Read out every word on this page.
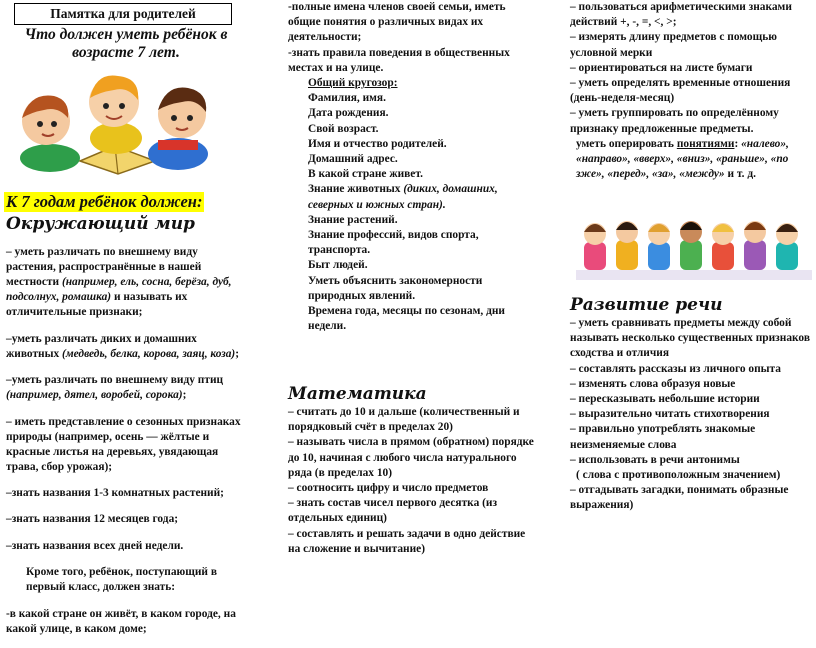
Памятка для родителей
Что должен уметь ребёнок в
возрасте 7 лет.
К 7 годам ребёнок должен:
Окружающий мир

– уметь различать по внешнему виду растения, распространённые в нашей местности (например, ель, сосна, берёза, дуб, подсолнух, ромашка) и называть их отличительные признаки;

–уметь различать диких и домашних животных (медведь, белка, корова, заяц, коза);

–уметь различать по внешнему виду птиц (например, дятел, воробей, сорока);

– иметь представление о сезонных признаках природы (например, осень — жёлтые и красные листья на деревьях, увядающая трава, сбор урожая);

–знать названия 1-3 комнатных растений;

–знать названия 12 месяцев года;

–знать названия всех дней недели.

Кроме того, ребёнок, поступающий в первый класс, должен знать:

-в какой стране он живёт, в каком городе, на какой улице, в каком доме;

-полные имена членов своей семьи, иметь общие понятия о различных видах их деятельности;

-знать правила поведения в общественных местах и на улице.

Общий кругозор:

Фамилия, имя.

Дата рождения.

Свой возраст.

Имя и отчество родителей.

Домашний адрес.

В какой стране живет.

Знание животных (диких, домашних, северных и южных стран).

Знание растений.

Знание профессий, видов спорта, транспорта.

Быт людей.

Уметь объяснить закономерности природных явлений.

Времена года, месяцы по сезонам, дни недели.

Математика

– считать до 10 и дальше (количественный и порядковый счёт в пределах 20)

– называть числа в прямом (обратном) порядке до 10, начиная с любого числа натурального ряда (в пределах 10)

– соотносить цифру и число предметов

– знать состав чисел первого десятка (из отдельных единиц)

– составлять и решать задачи в одно действие на сложение и вычитание)

– пользоваться арифметическими знаками действий +, -, =, <, >;

– измерять длину предметов с помощью условной мерки

– ориентироваться на листе бумаги

– уметь определять временные отношения (день-неделя-месяц)

– уметь группировать по определённому признаку предложенные предметы.

уметь оперировать понятиями: «налево», «направо», «вверх», «вниз», «раньше», «по зже», «перед», «за», «между» и т. д.

Развитие речи

– уметь сравнивать предметы между собой называть несколько существенных признаков сходства и отличия

– составлять рассказы из личного опыта

– изменять слова образуя новые

– пересказывать небольшие истории

– выразительно читать стихотворения

– правильно употреблять знакомые неизменяемые слова

– использовать в речи антонимы

( слова с противоположным значением)

– отгадывать загадки, понимать образные выражения)
